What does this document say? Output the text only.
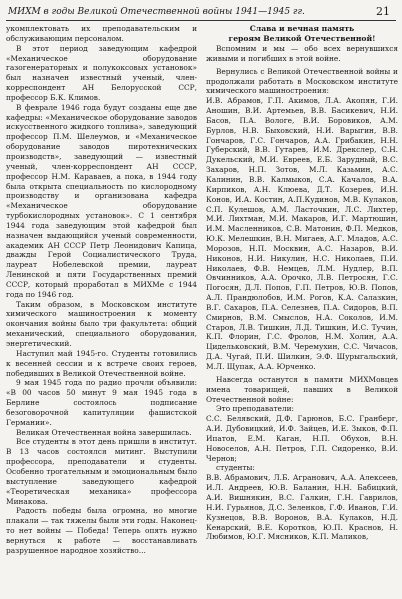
МИХМ в годы Великой Отечественной войны 1941—1945 гг.	21

укомплектовать их преподавательским и обслуживающим персоналом.

В этот период заведующим кафедрой «Механическое оборудование газогенераторных и полукоксовых установок» был назначен известный ученый, член-корреспондент АН Белорусской ССР, профессор Б.К. Климов.

В феврале 1946 года будут созданы еще две кафедры: «Механическое оборудование заводов искусственного жидкого топлива», заведующий профессор П.М. Шелеумов, и «Механическое оборудование заводов пиротехнических производств», заведующий — известный ученый, член-корреспондент АН СССР, профессор Н.М. Караваев, а пока, в 1944 году была открыта специальность по кислородному производству и организована кафедра «Механическое оборудование турбокислородных установок». С 1 сентября 1944 года заведующим этой кафедрой был назначен выдающийся ученый современности, академик АН СССР Петр Леонидович Капица, дважды Герой Социалистического Труда, лауреат Нобелевской премии, лауреат Ленинской и пяти Государственных премий СССР, который проработал в МИХМе с 1944 года по 1946 год.

Таким образом, в Московском институте химического машиностроения к моменту окончания войны было три факультета: общий механический, специального оборудования, энергетический.

Наступил май 1945-го. Студенты готовились к весенней сессии и к встрече своих героев, победивших в Великой Отечественной войне.

9 мая 1945 года по радио прочли объявили: «В 00 часов 50 минут 9 мая 1945 года в Берлине состоялось подписание безоговорочной капитуляции фашистской Германии».

Великая Отечественная война завершилась.

Все студенты в этот день пришли в институт. В 13 часов состоялся митинг. Выступили профессора, преподаватели и студенты. Особенно трогательным и эмоциональным было выступление заведующего кафедрой «Теоретическая механика» профессора Минакова.

Радость победы была огромна, но многие плакали — так тяжелы были эти годы. Наконец-то нет войны — Победа! Теперь опять нужно вернуться к работе — восстанавливать разрушенное народное хозяйство...

Слава и вечная память

героям Великой Отечественной!

Вспомним и мы — обо всех вернувшихся живыми и погибших в этой войне.

Вернулись с Великой Отечественной войны и продолжали работать в Московском институте химического машиностроения:

И.В. Абрамов, Г.П. Акимов, Л.А. Акопян, Г.И. Аношин, В.И. Артемьев, В.В. Басикевич, Н.И. Басов, П.А. Вологе, В.И. Боровиков, А.М. Бурлов, Н.В. Быховский, Н.И. Варыгин, В.В. Гончаров, Г.С. Гончаров, А.А. Грибакин, Н.Н. Губерский, В.В. Гутарев, И.М. Дрекслер, С.Н. Дукельский, М.И. Евреев, Е.Б. Зарудный, В.С. Захаров, Н.П. Зотов, М.Л. Казьмин, А.С. Калинин, В.В. Калмыков, С.А. Качалов, В.А. Кирпиков, А.Н. Клюева, Д.Т. Козерев, И.Н. Конов, И.А. Костин, А.П.Кудинов, М.В. Кулаков, С.П. Кулешов, А.М. Ласточкин, Л.С. Лихтер, М.И. Лихтман, М.И. Макаров, И.Г. Мартюшин, И.М. Масленников, С.В. Матонин, Ф.П. Медков, Ю.К. Мелешкин, В.Н. Мигаев, А.Г. Младов, А.С. Морозов, Н.П. Москвин, А.С. Назаров, В.И. Никонов, Н.И. Никулин, Н.С. Николаев, П.И. Николаев, Ф.В. Немцев, Л.М. Нудлер, В.П. Овчинников, А.А. Орочко, Л.В. Петросян, Г.С. Погосян, Д.Л. Попов, Г.П. Петров, Ю.В. Попов, А.Л. Прандюлобов, И.М. Рогов, К.А. Салазкин, В.Г. Сахаров, П.А. Селезнев, П.А. Сидоров, В.П. Смирнов, В.М. Смыслов, Н.А. Соколов, И.М. Старов, Л.В. Тишкин, Л.Д. Тишкин, И.С. Тучин, К.П. Флорин, Г.С. Фролов, Н.М. Холин, А.А. Цидельковский, В.М. Черемухин, С.С. Чичасов, Д.А. Чугай, П.И. Шилкин, Э.Ф. Шурыгальский, М.Л. Щупак, А.А. Юрченко.

Навсегда останутся в памяти МИХМовцев имена товарищей, павших в Великой Отечественной войне:

Это преподаватели:

С.С. Белявский, Д.Ф. Гарюнов, Б.С. Гранберг, А.И. Дубовицкий, И.Ф. Зайцев, И.Е. Зыков, Ф.П. Ипатов, Е.М. Каган, Н.П. Обухов, В.Н. Новоселов, А.Н. Петров, Г.П. Сидоренко, В.И. Чернов;

студенты:

В.В. Абрамович, Л.Б. Агранович, А.А. Алексеев, И.Л. Андреев, Ю.В. Баланин, Н.Н. Бабицкий, А.И. Вишнякин, В.С. Галкин, Г.Н. Гаврилов, Н.И. Гурьянов, Д.С. Зеленков, Г.Ф. Иванов, Г.И. Кузнецов, В.В. Воронов, В.А. Кулаков, Н.Д. Кенарский, В.Е. Коротков, Ю.П. Краснов, Н. Любимов, Ю.Г. Мясников, К.П. Маликов,
